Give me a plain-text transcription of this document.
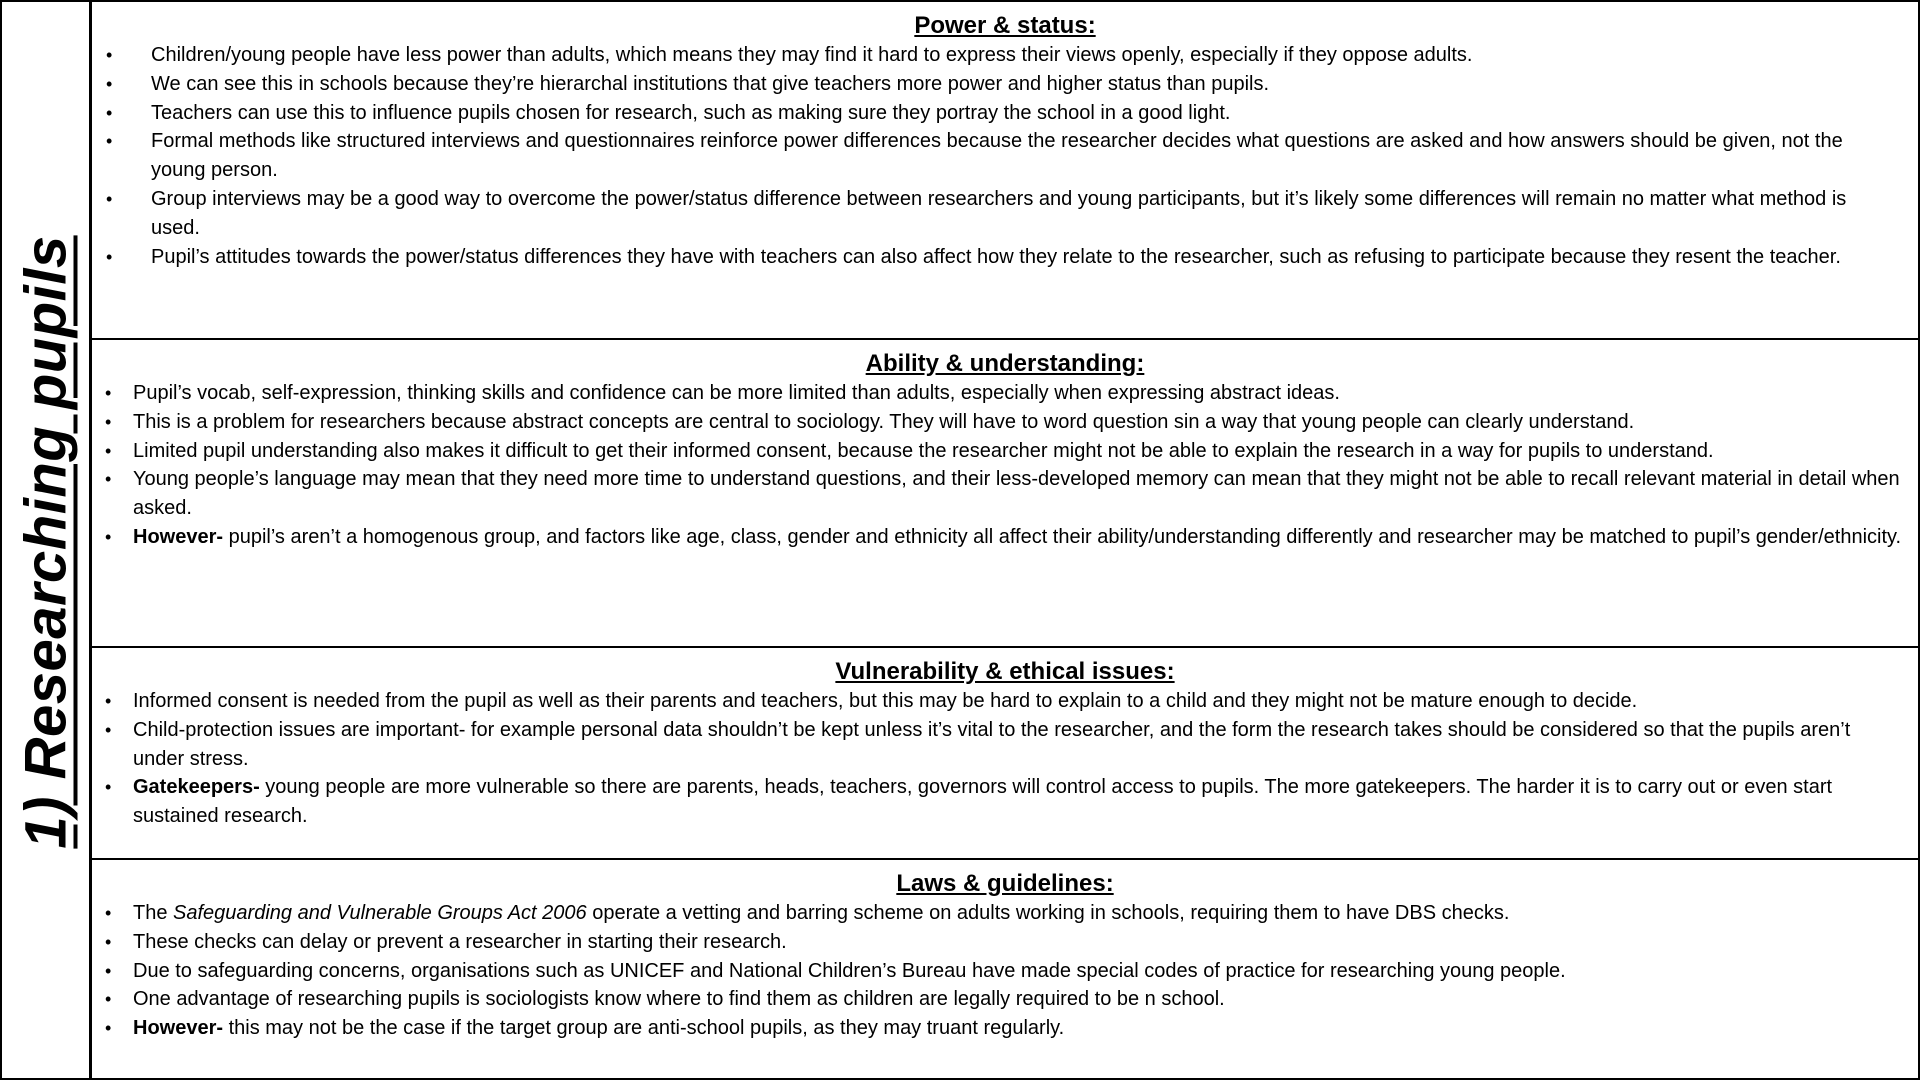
1) Researching pupils
Power & status:
• Children/young people have less power than adults, which means they may find it hard to express their views openly, especially if they oppose adults.
• We can see this in schools because they’re hierarchal institutions that give teachers more power and higher status than pupils.
• Teachers can use this to influence pupils chosen for research, such as making sure they portray the school in a good light.
• Formal methods like structured interviews and questionnaires reinforce power differences because the researcher decides what questions are asked and how answers should be given, not the young person.
• Group interviews may be a good way to overcome the power/status difference between researchers and young participants, but it’s likely some differences will remain no matter what method is used.
• Pupil’s attitudes towards the power/status differences they have with teachers can also affect how they relate to the researcher, such as refusing to participate because they resent the teacher.
Ability & understanding:
• Pupil’s vocab, self-expression, thinking skills and confidence can be more limited than adults, especially when expressing abstract ideas.
• This is a problem for researchers because abstract concepts are central to sociology. They will have to word question sin a way that young people can clearly understand.
• Limited pupil understanding also makes it difficult to get their informed consent, because the researcher might not be able to explain the research in a way for pupils to understand.
• Young people’s language may mean that they need more time to understand questions, and their less-developed memory can mean that they might not be able to recall relevant material in detail when asked.
• However- pupil’s aren’t a homogenous group, and factors like age, class, gender and ethnicity all affect their ability/understanding differently and researcher may be matched to pupil’s gender/ethnicity.
Vulnerability & ethical issues:
• Informed consent is needed from the pupil as well as their parents and teachers, but this may be hard to explain to a child and they might not be mature enough to decide.
• Child-protection issues are important- for example personal data shouldn’t be kept unless it’s vital to the researcher, and the form the research takes should be considered so that the pupils aren’t under stress.
• Gatekeepers- young people are more vulnerable so there are parents, heads, teachers, governors will control access to pupils. The more gatekeepers. The harder it is to carry out or even start sustained research.
Laws & guidelines:
• The Safeguarding and Vulnerable Groups Act 2006 operate a vetting and barring scheme on adults working in schools, requiring them to have DBS checks.
• These checks can delay or prevent a researcher in starting their research.
• Due to safeguarding concerns, organisations such as UNICEF and National Children’s Bureau have made special codes of practice for researching young people.
• One advantage of researching pupils is sociologists know where to find them as children are legally required to be n school.
• However- this may not be the case if the target group are anti-school pupils, as they may truant regularly.
